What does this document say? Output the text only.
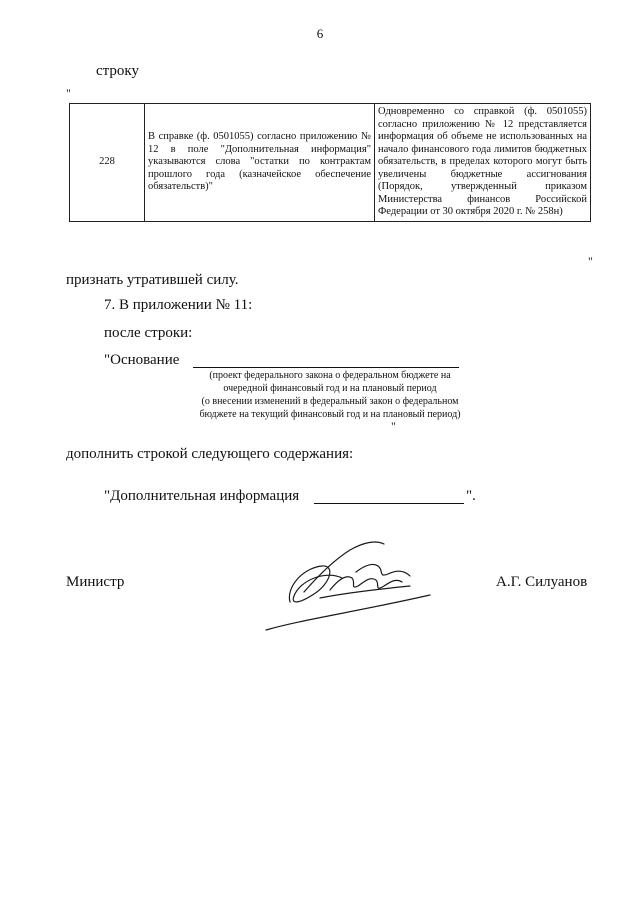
6
строку
"
228	В справке (ф. 0501055) согласно приложению № 12 в поле "Дополнительная информация" указываются слова "остатки по контрактам прошлого года (казначейское обеспечение обязательств)"	Одновременно со справкой (ф. 0501055) согласно приложению № 12 представляется информация об объеме не использованных на начало финансового года лимитов бюджетных обязательств, в пределах которого могут быть увеличены бюджетные ассигнования (Порядок, утвержденный приказом Министерства финансов Российской Федерации от 30 октября 2020 г. № 258н)
"
признать утратившей силу.
7. В приложении № 11:
после строки:
"Основание
(проект федерального закона о федеральном бюджете на очередной финансовый год и на плановый период
(о внесении изменений в федеральный закон о федеральном бюджете на текущий финансовый год и на плановый период)
"
дополнить строкой следующего содержания:
"Дополнительная информация	".
Министр	А.Г. Силуанов
